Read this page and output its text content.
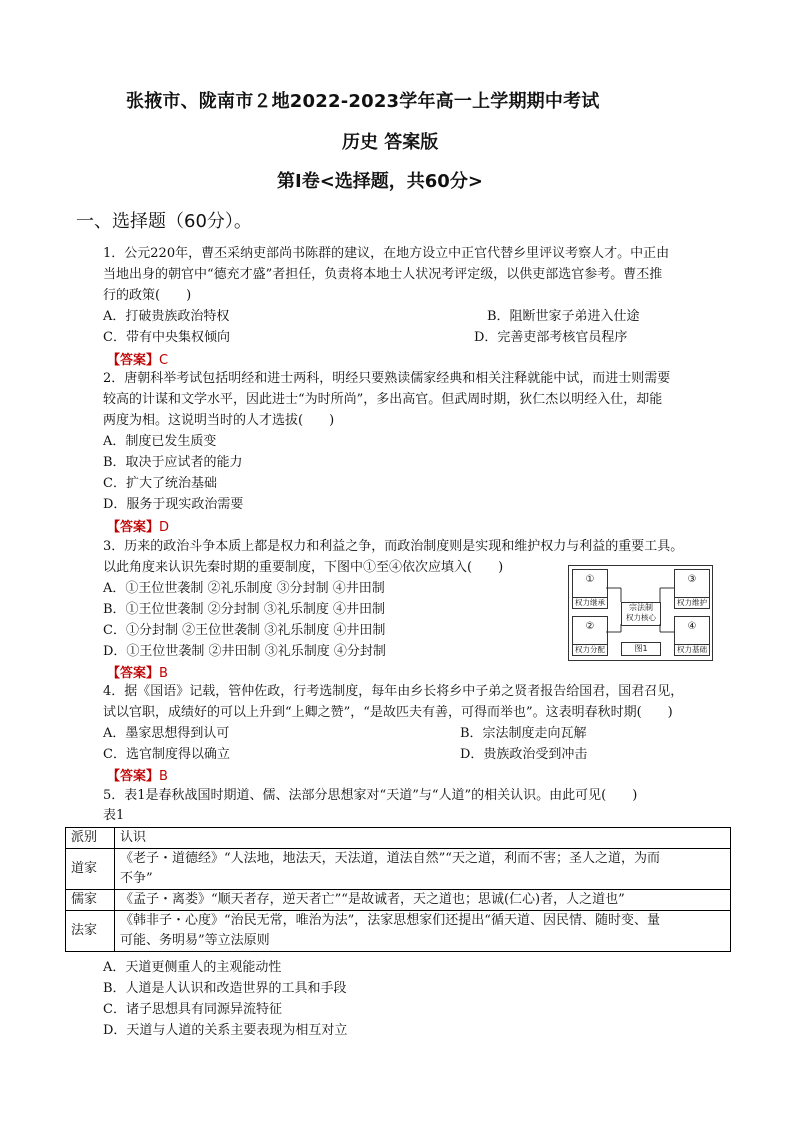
张掖市、陇南市２地2022-2023学年高一上学期期中考试
历史 答案版
第Ⅰ卷<选择题，共60分>
一、选择题（60分）。
1．公元220年，曹丕采纳吏部尚书陈群的建议，在地方设立中正官代替乡里评议考察人才。中正由
当地出身的朝官中“德充才盛”者担任，负责将本地士人状况考评定级，以供吏部选官参考。曹丕推
行的政策(　　)
A．打破贵族政治特权	B．阻断世家子弟进入仕途
C．带有中央集权倾向	D．完善吏部考核官员程序
【答案】C
2．唐朝科举考试包括明经和进士两科，明经只要熟读儒家经典和相关注释就能中试，而进士则需要
较高的计谋和文学水平，因此进士“为时所尚”，多出高官。但武周时期，狄仁杰以明经入仕，却能
两度为相。这说明当时的人才选拔(　　)
A．制度已发生质变
B．取决于应试者的能力
C．扩大了统治基础
D．服务于现实政治需要
【答案】D
3．历来的政治斗争本质上都是权力和利益之争，而政治制度则是实现和维护权力与利益的重要工具。
以此角度来认识先秦时期的重要制度，下图中①至④依次应填入(　　)
A．①王位世袭制 ②礼乐制度 ③分封制 ④井田制
B．①王位世袭制 ②分封制 ③礼乐制度 ④井田制
C．①分封制 ②王位世袭制 ③礼乐制度 ④井田制
D．①王位世袭制 ②井田制 ③礼乐制度 ④分封制
【答案】B
①
权力继承
②
权力分配
③
权力维护
④
权力基础
宗法制
权力核心
图1
4．据《国语》记载，管仲佐政，行考选制度，每年由乡长将乡中子弟之贤者报告给国君，国君召见，
试以官职，成绩好的可以上升到“上卿之赞”，“是故匹夫有善，可得而举也”。这表明春秋时期(　　)
A．墨家思想得到认可	B．宗法制度走向瓦解
C．选官制度得以确立	D．贵族政治受到冲击
【答案】B
5．表1是春秋战国时期道、儒、法部分思想家对“天道”与“人道”的相关认识。由此可见(　　)
表1
派别	认识
道家	《老子・道德经》“人法地，地法天，天法道，道法自然”“天之道，利而不害；圣人之道，为而
不争”

儒家	《孟子・离娄》“顺天者存，逆天者亡”“是故诚者，天之道也；思诚(仁心)者，人之道也”
法家	《韩非子・心度》“治民无常，唯治为法”，法家思想家们还提出“循天道、因民情、随时变、量
可能、务明易”等立法原则
A．天道更侧重人的主观能动性
B．人道是人认识和改造世界的工具和手段
C．诸子思想具有同源异流特征
D．天道与人道的关系主要表现为相互对立
